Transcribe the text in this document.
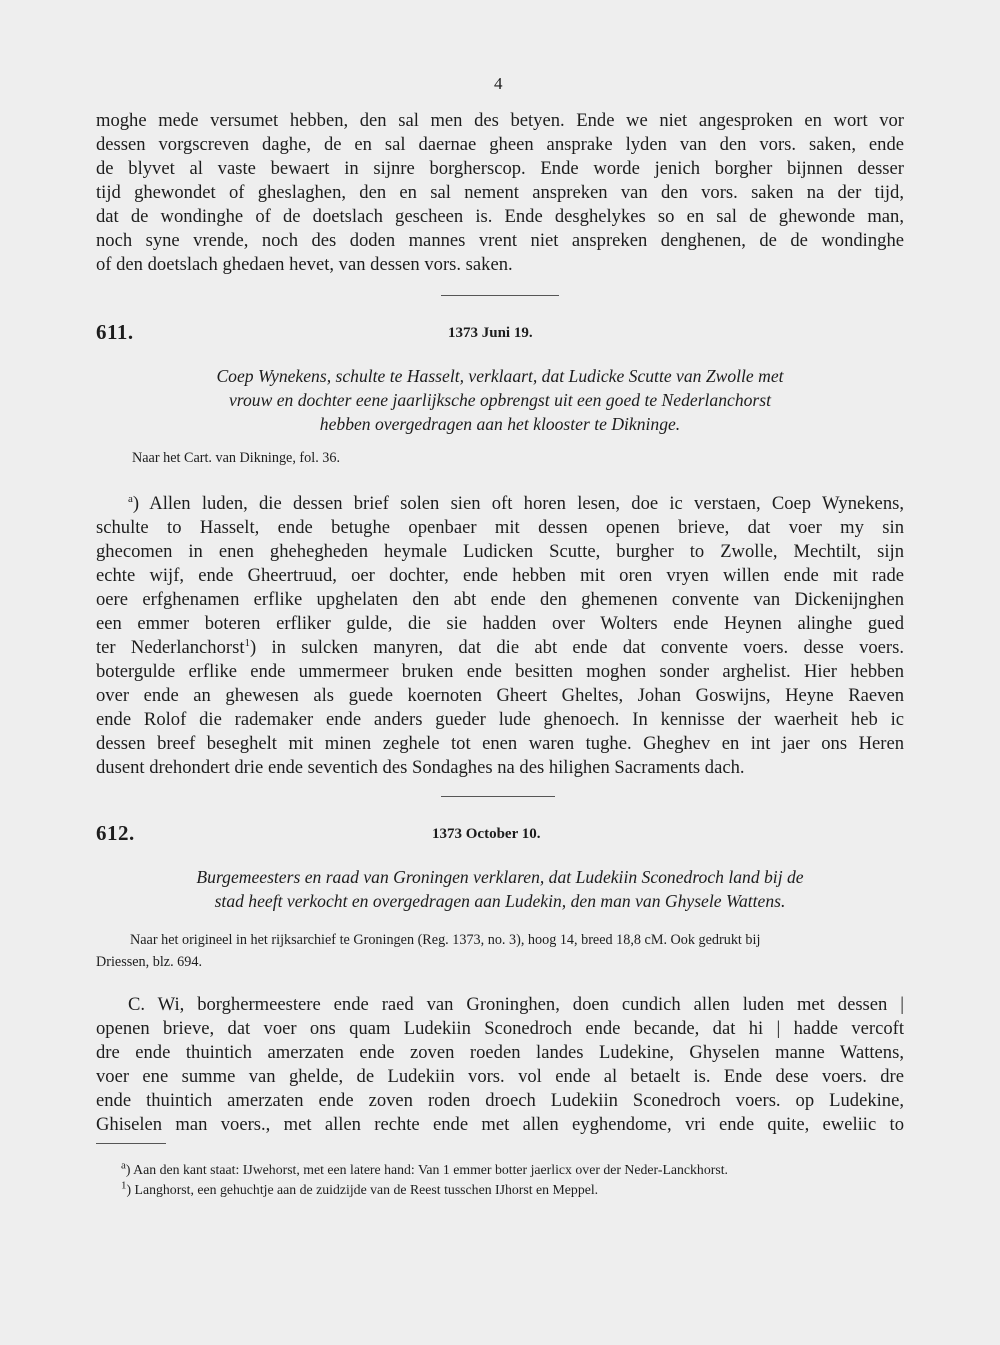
4
moghe mede versumet hebben, den sal men des betyen. Ende we niet angesproken en wort vor
dessen vorgscreven daghe, de en sal daernae gheen ansprake lyden van den vors. saken, ende
de blyvet al vaste bewaert in sijnre borgherscop. Ende worde jenich borgher bijnnen desser
tijd ghewondet of gheslaghen, den en sal nement anspreken van den vors. saken na der tijd,
dat de wondinghe of de doetslach gescheen is. Ende desghelykes so en sal de ghewonde man,
noch syne vrende, noch des doden mannes vrent niet anspreken denghenen, de de wondinghe
of den doetslach ghedaen hevet, van dessen vors. saken.
611.	1373 Juni 19.
Coep Wynekens, schulte te Hasselt, verklaart, dat Ludicke Scutte van Zwolle met
vrouw en dochter eene jaarlijksche opbrengst uit een goed te Nederlanchorst
hebben overgedragen aan het klooster te Dikninge.
Naar het Cart. van Dikninge, fol. 36.
$^a$) Allen luden, die dessen brief solen sien oft horen lesen, doe ic verstaen, Coep Wynekens,
schulte to Hasselt, ende betughe openbaer mit dessen openen brieve, dat voer my sin
ghecomen in enen ghehegheden heymale Ludicken Scutte, burgher to Zwolle, Mechtilt, sijn
echte wijf, ende Gheertruud, oer dochter, ende hebben mit oren vryen willen ende mit rade
oere erfghenamen erflike upghelaten den abt ende den ghemenen convente van Dickenijnghen
een emmer boteren erfliker gulde, die sie hadden over Wolters ende Heynen alinghe gued
ter Nederlanchorst$^1$) in sulcken manyren, dat die abt ende dat convente voers. desse voers.
botergulde erflike ende ummermeer bruken ende besitten moghen sonder arghelist. Hier hebben
over ende an ghewesen als guede koernoten Gheert Gheltes, Johan Goswijns, Heyne Raeven
ende Rolof die rademaker ende anders gueder lude ghenoech. In kennisse der waerheit heb ic
dessen breef beseghelt mit minen zeghele tot enen waren tughe. Gheghev en int jaer ons Heren
dusent drehondert drie ende seventich des Sondaghes na des hilighen Sacraments dach.
612.	1373 October 10.
Burgemeesters en raad van Groningen verklaren, dat Ludekiin Sconedroch land bij de
stad heeft verkocht en overgedragen aan Ludekin, den man van Ghysele Wattens.
Naar het origineel in het rijksarchief te Groningen (Reg. 1373, no. 3), hoog 14, breed 18,8 cM. Ook gedrukt bij
Driessen, blz. 694.
C. Wi, borghermeestere ende raed van Groninghen, doen cundich allen luden met dessen |
openen brieve, dat voer ons quam Ludekiin Sconedroch ende becande, dat hi | hadde vercoft
dre ende thuintich amerzaten ende zoven roeden landes Ludekine, Ghyselen manne Wattens,
voer ene summe van ghelde, de Ludekiin vors. vol ende al betaelt is. Ende dese voers. dre
ende thuintich amerzaten ende zoven roden droech Ludekiin Sconedroch voers. op Ludekine,
Ghiselen man voers., met allen rechte ende met allen eyghendome, vri ende quite, eweliic to
$^a$) Aan den kant staat: IJwehorst, met een latere hand: Van 1 emmer botter jaerlicx over der Neder-Lanckhorst.
$^1$) Langhorst, een gehuchtje aan de zuidzijde van de Reest tusschen IJhorst en Meppel.
